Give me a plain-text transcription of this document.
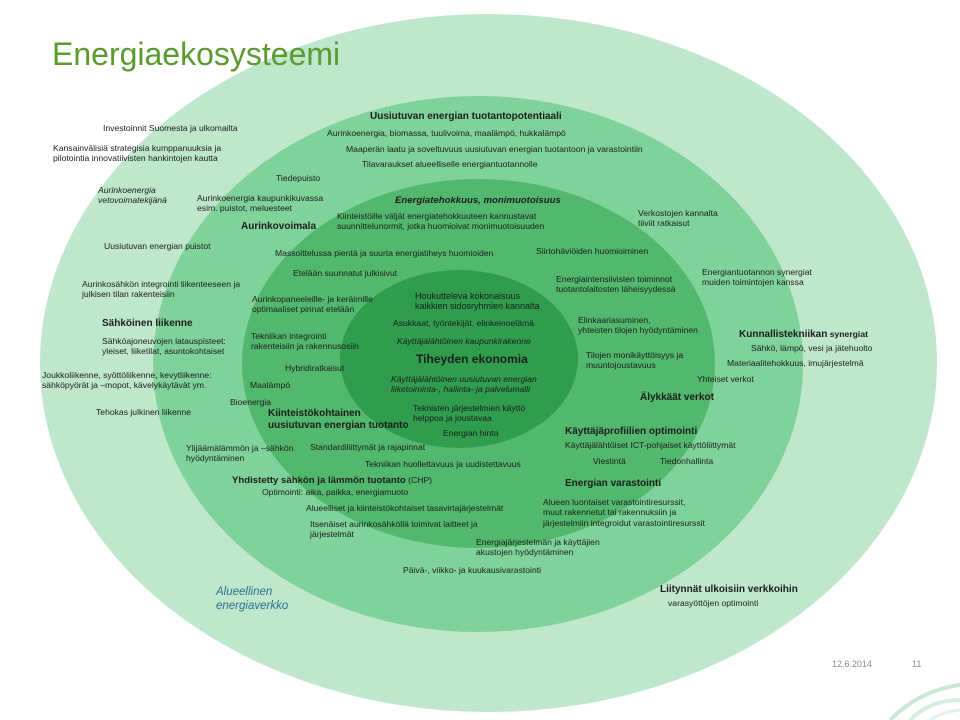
Energiaekosysteemi
Investoinnit Suomesta ja ulkomailta
Kansainvälisiä strategisia kumppanuuksia ja
pilotointia innovatiivisten hankintojen kautta
Aurinkoenergia
vetovoimatekijänä
Uusiutuvan energian puistot
Aurinkosähkön integrointi liikenteeseen ja
julkisen tilan rakenteisiin
Sähköinen liikenne
Sähköajoneuvojen latauspisteet:
yleiset, liiketilat, asuntokohtaiset
Joukkoliikenne, syöttöliikenne, kevytliikenne:
sähköpyörät ja –mopot, kävelykäytävät ym.
Tehokas julkinen liikenne
Verkostojen kannalta
tiiviit ratkaisut
Energiantuotannon synergiat
muiden toimintojen kanssa
Kunnallistekniikan synergiat
Sähkö, lämpö, vesi ja jätehuolto
Materiaalitehokkuus, imujärjestelmä
Liitynnät ulkoisiin verkkoihin
varasyöttöjen optimointi
Alueellinen
energiaverkko
Uusiutuvan energian tuotantopotentiaali
Aurinkoenergia, biomassa, tuulivoima, maalämpö, hukkalämpö
Maaperän laatu ja soveltuvuus uusiutuvan energian tuotantoon ja varastointiin
Tilavaraukset alueelliselle energiantuotannolle
Tiedepuisto
Aurinkoenergia kaupunkikuvassa
esim. puistot, meluesteet
Aurinkovoimala
Maalämpö
Bioenergia
Ylijäämälämmön ja –sähkön
hyödyntäminen
Yhdistetty sähkön ja lämmön tuotanto (CHP)
Optimointi: aika, paikka, energiamuoto
Älykkäät verkot
Yhteiset verkot
Käyttäjäprofiilien optimointi
Käyttäjälähtöiset ICT-pohjaiset käyttöliittymät
Viestintä	Tiedonhallinta
Energian varastointi
Alueen luontaiset varastointiresurssit,
muut rakennetut tai rakennuksiin ja
järjestelmiin integroidut varastointiresurssit
Energiajärjestelmän ja käyttäjien
akustojen hyödyntäminen
Päivä-, viikko- ja kuukausivarastointi
Energiatehokkuus, monimuotoisuus
Kiinteistöille väljät energiatehokkuuteen kannustavat
suunnittelunormit, jotka huomioivat monimuotoisuuden
Massoittelussa pientä ja suurta energiatiheys huomioiden
Etelään suunnatut julkisivut
Aurinkopaneeleille- ja keräimille
optimaaliset pinnat etelään
Tekniikan integrointi
rakenteisiin ja rakennusosiin
Hybridiratkaisut
Kiinteistökohtainen
uusiutuvan energian tuotanto
Standardiliittymät ja rajapinnat
Tekniikan huollettavuus ja uudistettavuus
Siirtohäviöiden huomioiminen
Energiaintensiivisten toiminnot
tuotantolaitosten läheisyydessä
Elinkaariasuminen,
yhteisten tilojen hyödyntäminen
Tilojen monikäyttöisyys ja
muuntojoustavuus
Alueelliset ja kiinteistökohtaiset tasavirtajärjestelmät
Itsenäiset aurinkosähköllä toimivat laitteet ja
järjestelmät
Houkutteleva kokonaisuus
kaikkien sidosryhmien kannalta
Asukkaat, työntekijät, elinkeinoelämä
Käyttäjälähtöinen kaupunkirakenne
Tiheyden ekonomia
Käyttäjälähtöinen uusiutuvan energian
liiketoiminta-, hallinta- ja palvelumalli
Teknisten järjestelmien käyttö
helppoa ja joustavaa
Energian hinta
12.6.2014	11
